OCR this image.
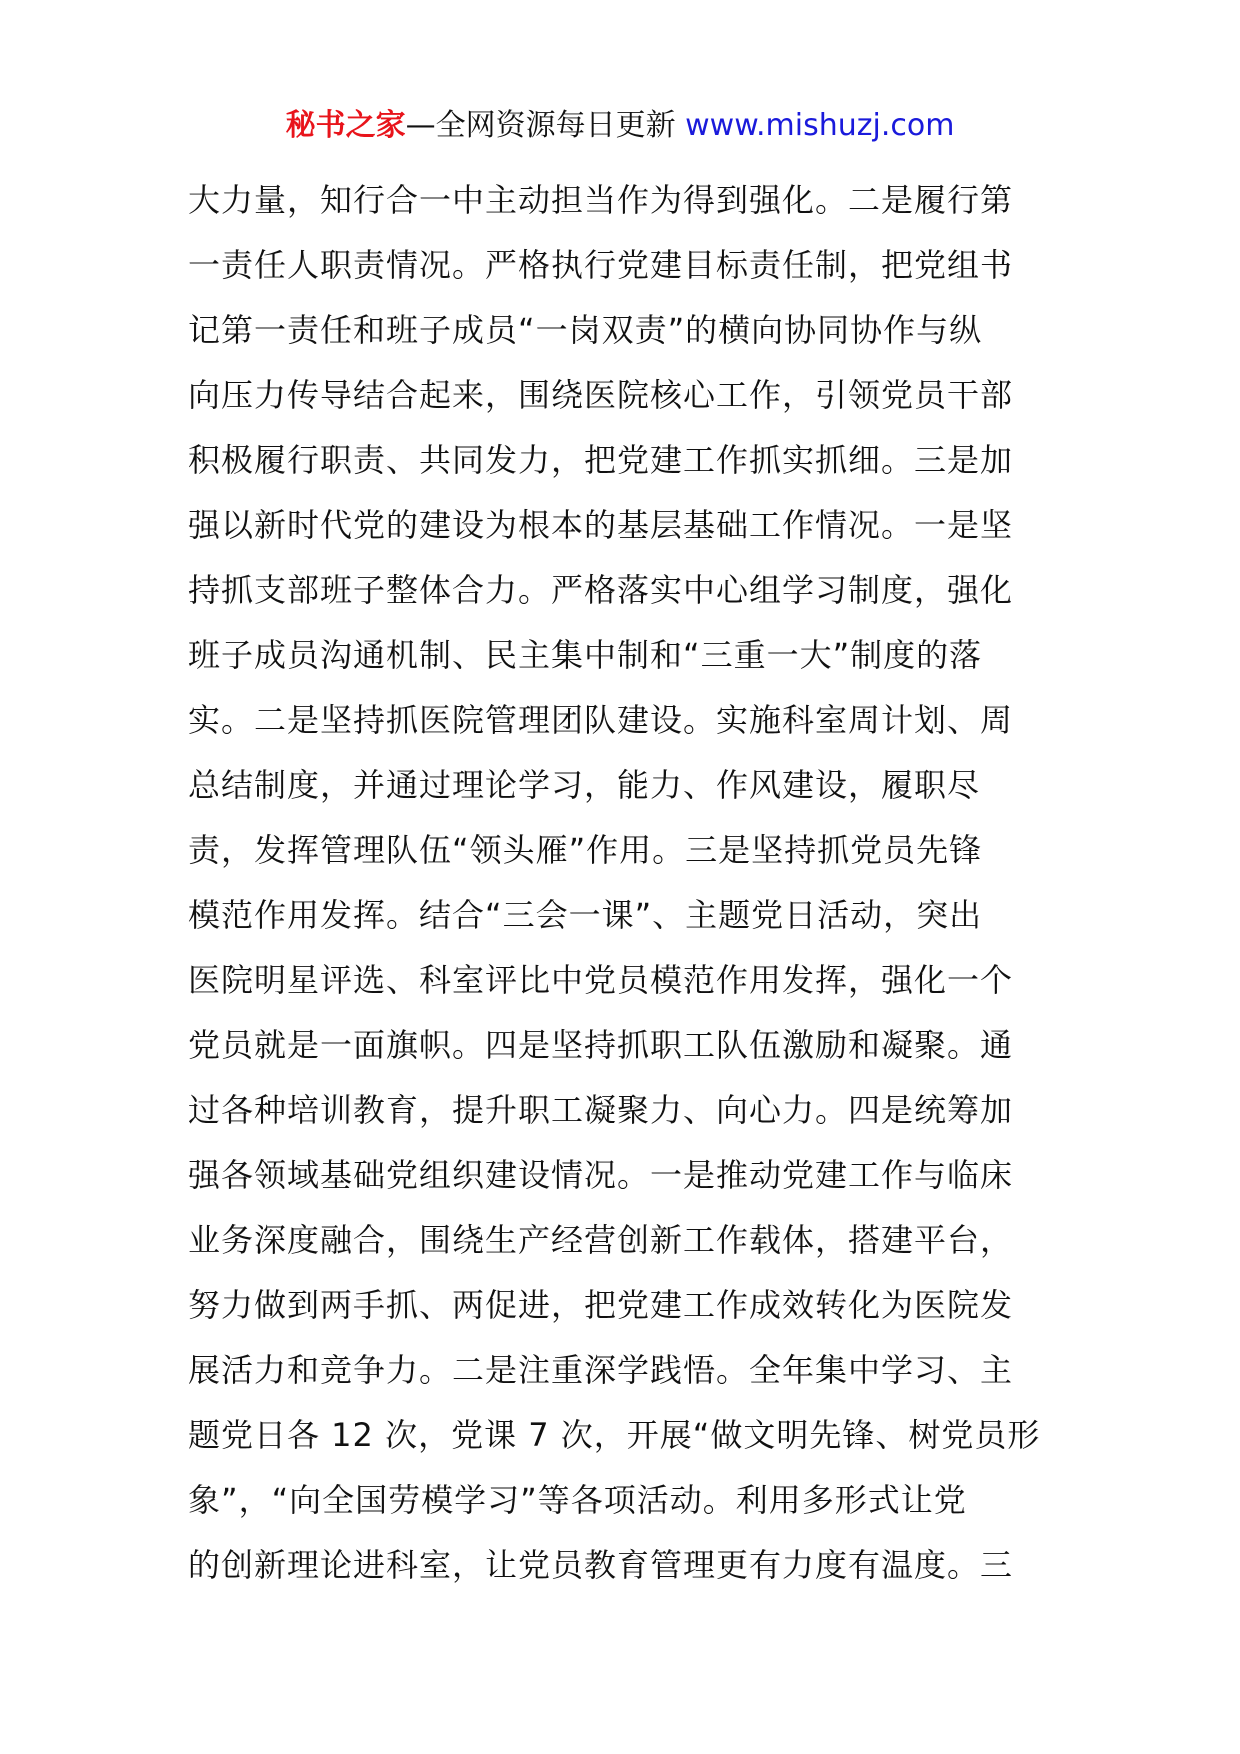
秘书之家—全网资源每日更新 www.mishuzj.com
大力量，知行合一中主动担当作为得到强化。二是履行第
一责任人职责情况。严格执行党建目标责任制，把党组书
记第一责任和班子成员“一岗双责”的横向协同协作与纵
向压力传导结合起来，围绕医院核心工作，引领党员干部
积极履行职责、共同发力，把党建工作抓实抓细。三是加
强以新时代党的建设为根本的基层基础工作情况。一是坚
持抓支部班子整体合力。严格落实中心组学习制度，强化
班子成员沟通机制、民主集中制和“三重一大”制度的落
实。二是坚持抓医院管理团队建设。实施科室周计划、周
总结制度，并通过理论学习，能力、作风建设，履职尽
责，发挥管理队伍“领头雁”作用。三是坚持抓党员先锋
模范作用发挥。结合“三会一课”、主题党日活动，突出
医院明星评选、科室评比中党员模范作用发挥，强化一个
党员就是一面旗帜。四是坚持抓职工队伍激励和凝聚。通
过各种培训教育，提升职工凝聚力、向心力。四是统筹加
强各领域基础党组织建设情况。一是推动党建工作与临床
业务深度融合，围绕生产经营创新工作载体，搭建平台，
努力做到两手抓、两促进，把党建工作成效转化为医院发
展活力和竞争力。二是注重深学践悟。全年集中学习、主
题党日各 12 次，党课 7 次，开展“做文明先锋、树党员形
象”，“向全国劳模学习”等各项活动。利用多形式让党
的创新理论进科室，让党员教育管理更有力度有温度。三
